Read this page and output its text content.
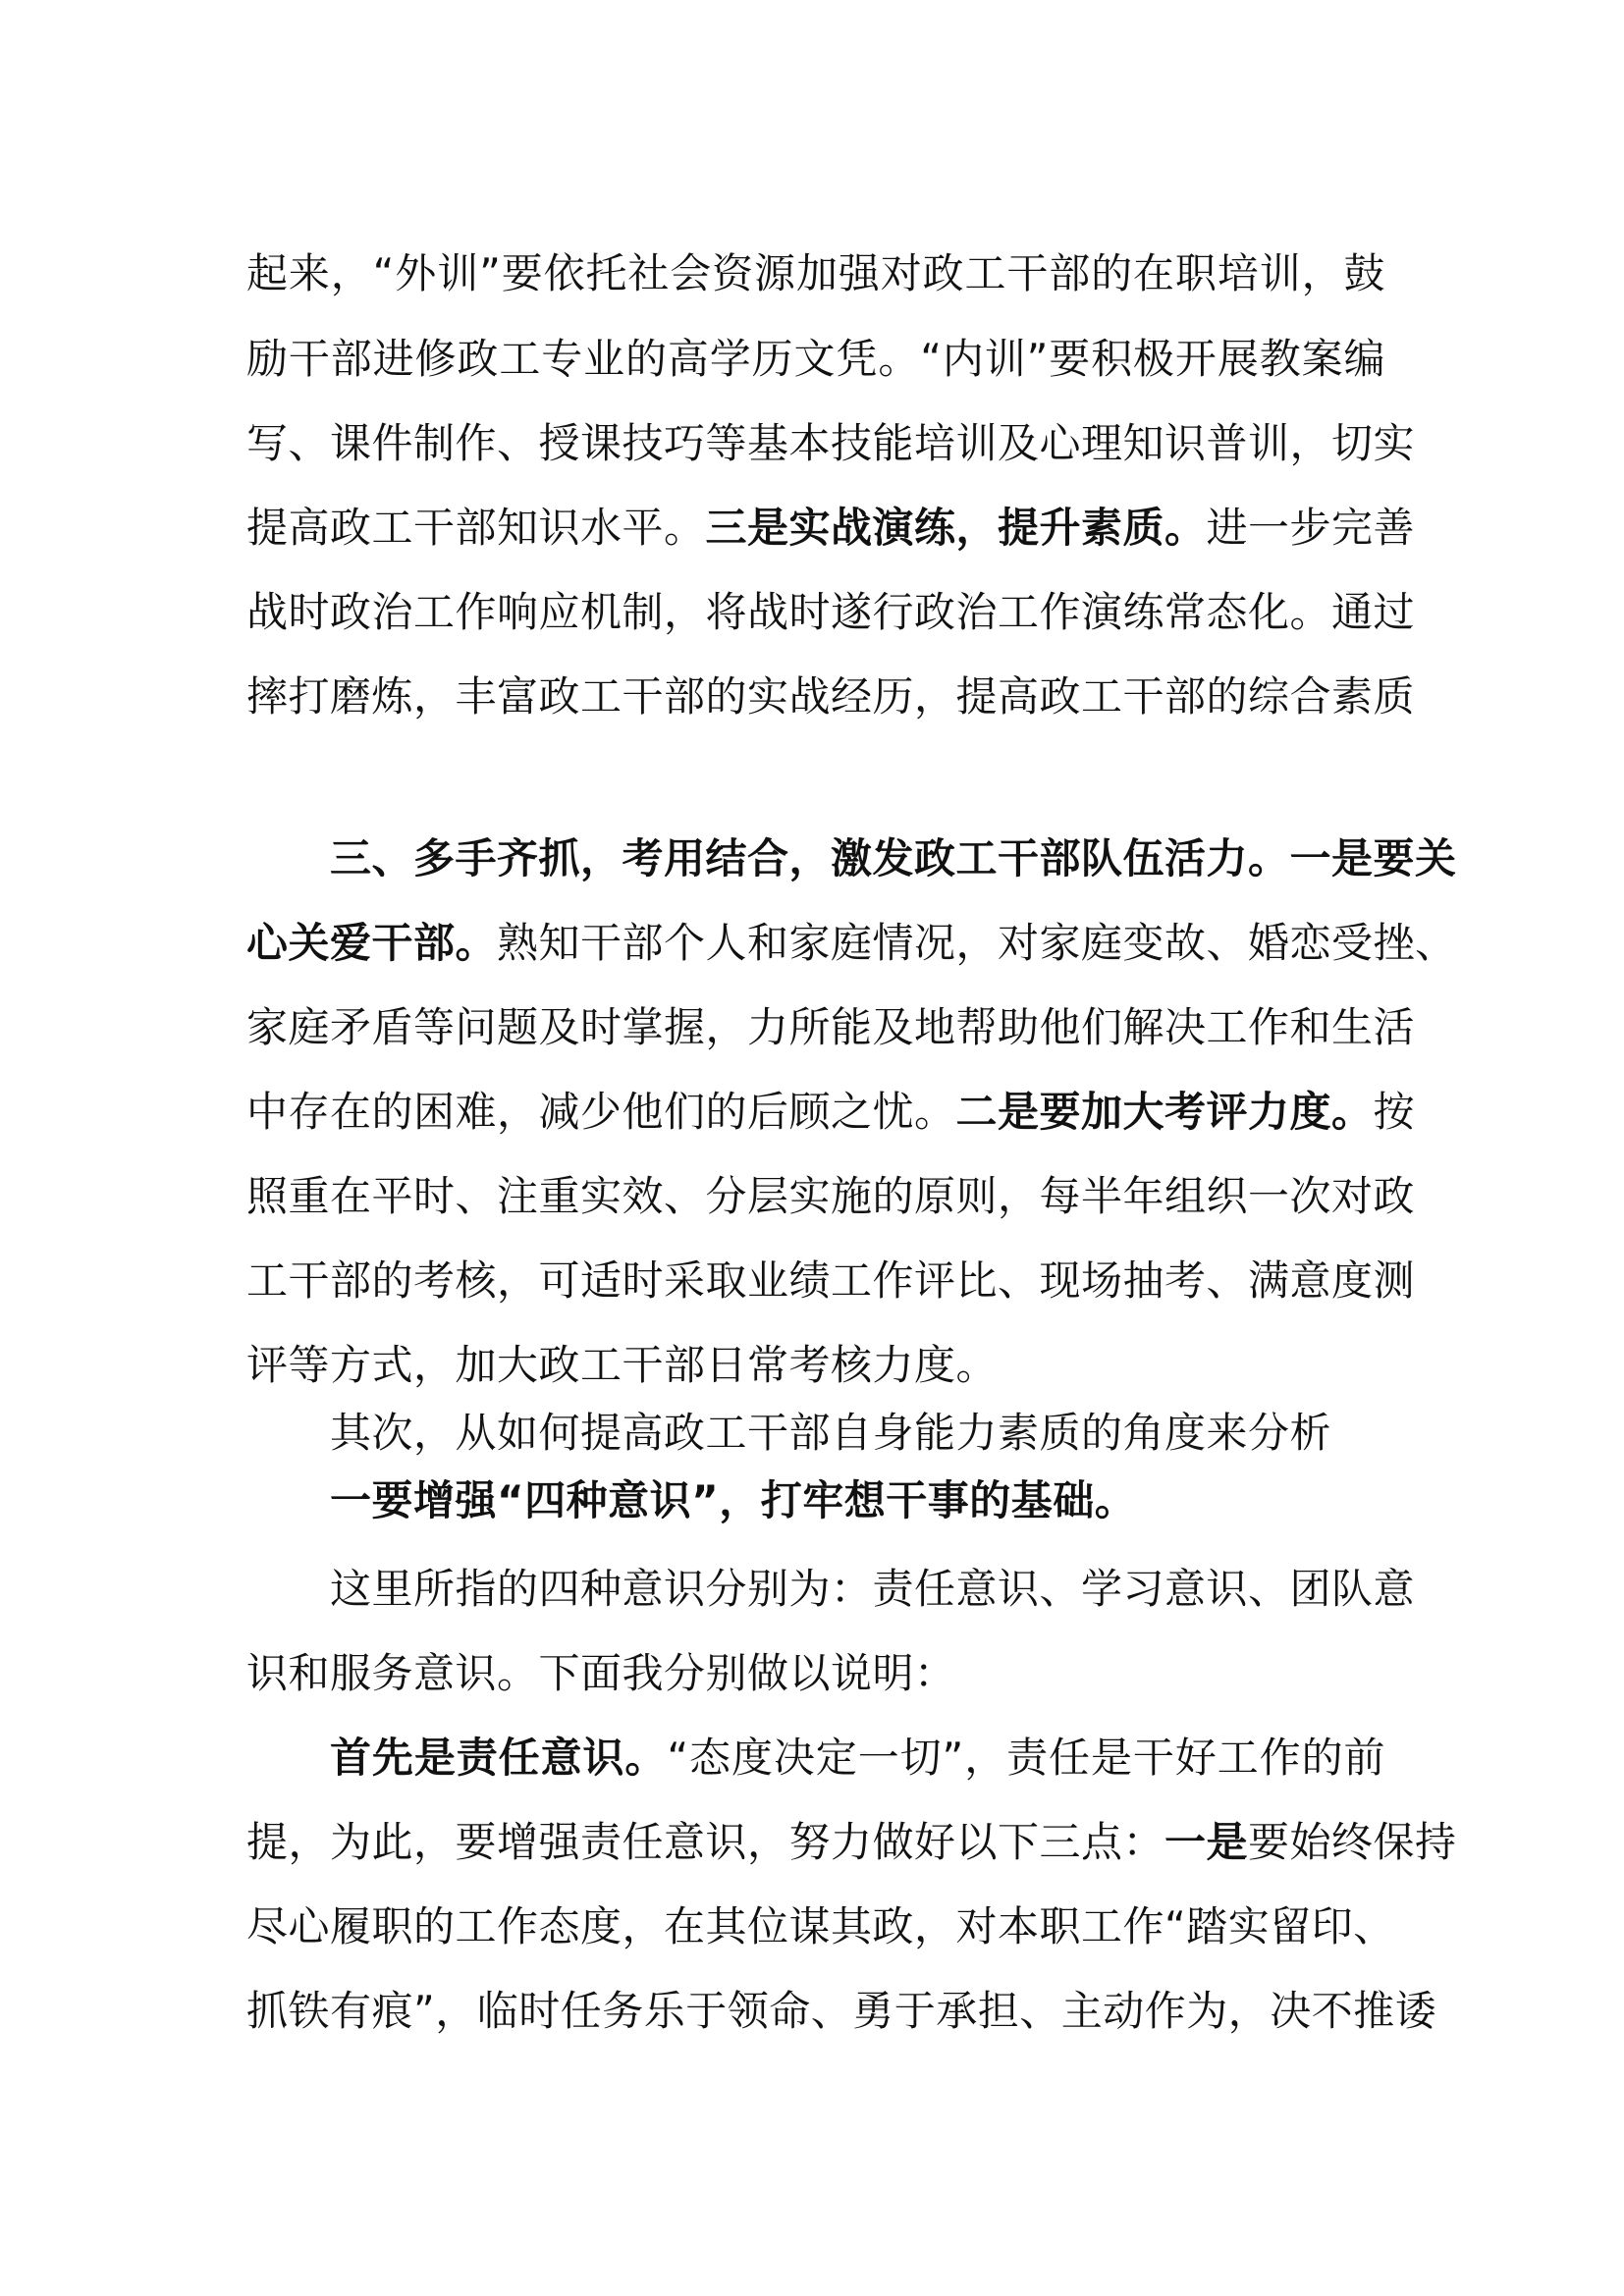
起来，“外训”要依托社会资源加强对政工干部的在职培训，鼓
励干部进修政工专业的高学历文凭。“内训”要积极开展教案编
写、课件制作、授课技巧等基本技能培训及心理知识普训，切实
提高政工干部知识水平。三是实战演练，提升素质。进一步完善
战时政治工作响应机制，将战时遂行政治工作演练常态化。通过
摔打磨炼，丰富政工干部的实战经历，提高政工干部的综合素质
三、多手齐抓，考用结合，激发政工干部队伍活力。一是要关
心关爱干部。熟知干部个人和家庭情况，对家庭变故、婚恋受挫、
家庭矛盾等问题及时掌握，力所能及地帮助他们解决工作和生活
中存在的困难，减少他们的后顾之忧。二是要加大考评力度。按
照重在平时、注重实效、分层实施的原则，每半年组织一次对政
工干部的考核，可适时采取业绩工作评比、现场抽考、满意度测
评等方式，加大政工干部日常考核力度。
其次，从如何提高政工干部自身能力素质的角度来分析
一要增强“四种意识”，打牢想干事的基础。
这里所指的四种意识分别为：责任意识、学习意识、团队意
识和服务意识。下面我分别做以说明：
首先是责任意识。“态度决定一切”，责任是干好工作的前
提，为此，要增强责任意识，努力做好以下三点：一是要始终保持
尽心履职的工作态度，在其位谋其政，对本职工作“踏实留印、
抓铁有痕”，临时任务乐于领命、勇于承担、主动作为，决不推诿
